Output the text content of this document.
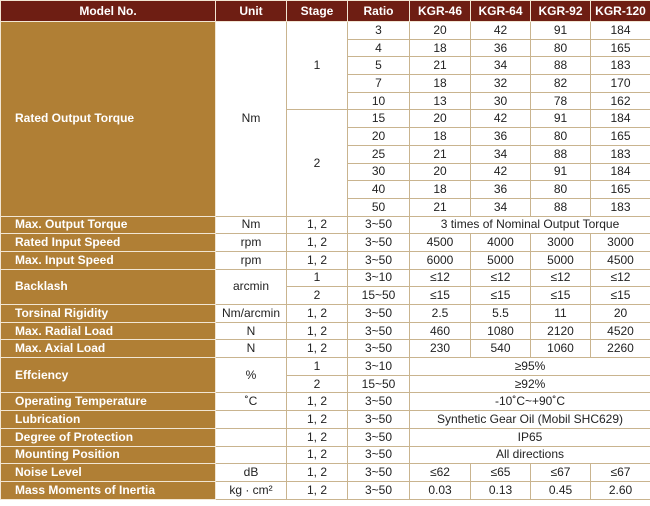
Model No.	Unit	Stage	Ratio	KGR-46	KGR-64	KGR-92	KGR-120
Rated Output Torque	Nm	1	3	20	42	91	184
			4	18	36	80	165
			5	21	34	88	183
			7	18	32	82	170
			10	13	30	78	162
		2	15	20	42	91	184
			20	18	36	80	165
			25	21	34	88	183
			30	20	42	91	184
			40	18	36	80	165
			50	21	34	88	183
Max. Output Torque	Nm	1, 2	3~50	3 times of Nominal Output Torque			
Rated Input Speed	rpm	1, 2	3~50	4500	4000	3000	3000
Max. Input Speed	rpm	1, 2	3~50	6000	5000	5000	4500
Backlash	arcmin	1	3~10	≤12	≤12	≤12	≤12
		2	15~50	≤15	≤15	≤15	≤15
Torsinal Rigidity	Nm/arcmin	1, 2	3~50	2.5	5.5	11	20
Max. Radial Load	N	1, 2	3~50	460	1080	2120	4520
Max. Axial Load	N	1, 2	3~50	230	540	1060	2260
Effciency	%	1	3~10	≥95%			
		2	15~50	≥92%			
Operating Temperature	˚C	1, 2	3~50	-10˚C~+90˚C			
Lubrication		1, 2	3~50	Synthetic Gear Oil (Mobil SHC629)			
Degree of Protection		1, 2	3~50	IP65			
Mounting Position		1, 2	3~50	All directions			
Noise Level	dB	1, 2	3~50	≤62	≤65	≤67	≤67
Mass Moments of Inertia	kg · cm²	1, 2	3~50	0.03	0.13	0.45	2.60
